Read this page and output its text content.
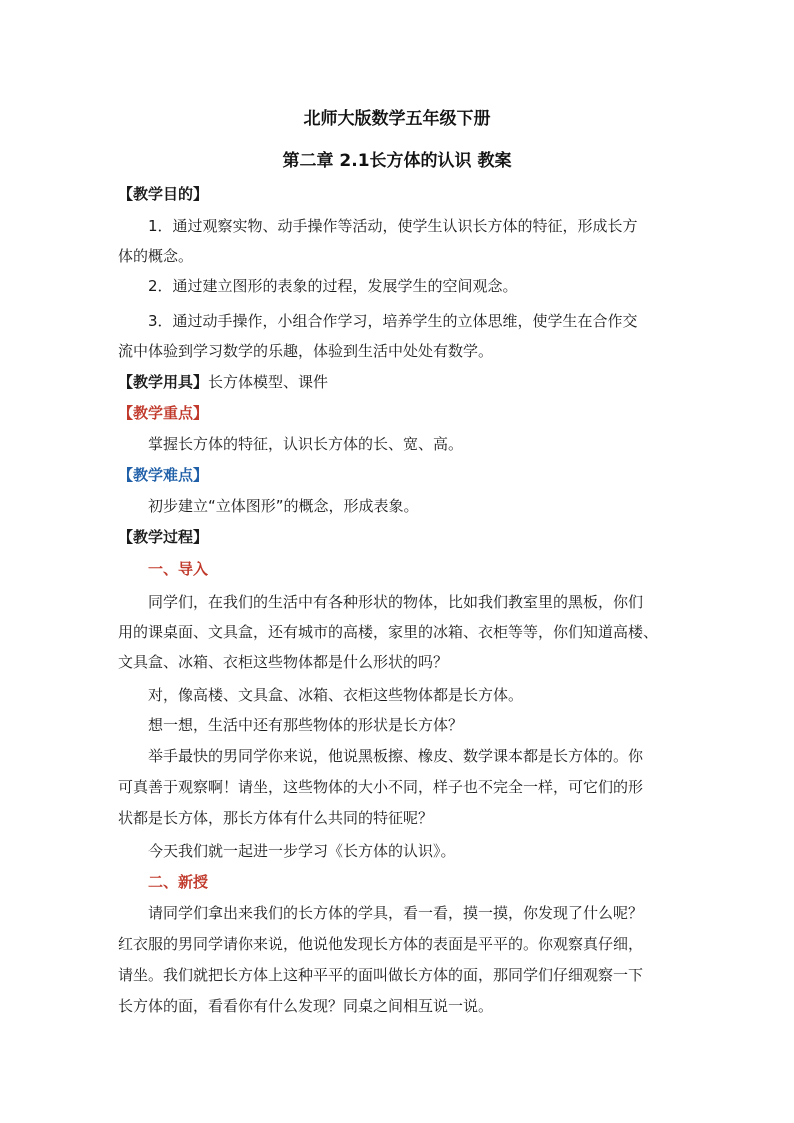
北师大版数学五年级下册
第二章 2.1长方体的认识 教案
【教学目的】
1．通过观察实物、动手操作等活动，使学生认识长方体的特征，形成长方
体的概念。
2．通过建立图形的表象的过程，发展学生的空间观念。
3．通过动手操作，小组合作学习，培养学生的立体思维，使学生在合作交
流中体验到学习数学的乐趣，体验到生活中处处有数学。
【教学用具】长方体模型、课件
【教学重点】
掌握长方体的特征，认识长方体的长、宽、高。
【教学难点】
初步建立“立体图形”的概念，形成表象。
【教学过程】
一、导入
同学们，在我们的生活中有各种形状的物体，比如我们教室里的黑板，你们
用的课桌面、文具盒，还有城市的高楼，家里的冰箱、衣柜等等，你们知道高楼、
文具盒、冰箱、衣柜这些物体都是什么形状的吗？
对，像高楼、文具盒、冰箱、衣柜这些物体都是长方体。
想一想，生活中还有那些物体的形状是长方体？
举手最快的男同学你来说，他说黑板擦、橡皮、数学课本都是长方体的。你
可真善于观察啊！请坐，这些物体的大小不同，样子也不完全一样，可它们的形
状都是长方体，那长方体有什么共同的特征呢？
今天我们就一起进一步学习《长方体的认识》。
二、新授
请同学们拿出来我们的长方体的学具，看一看，摸一摸，你发现了什么呢？
红衣服的男同学请你来说，他说他发现长方体的表面是平平的。你观察真仔细，
请坐。我们就把长方体上这种平平的面叫做长方体的面，那同学们仔细观察一下
长方体的面，看看你有什么发现？同桌之间相互说一说。
